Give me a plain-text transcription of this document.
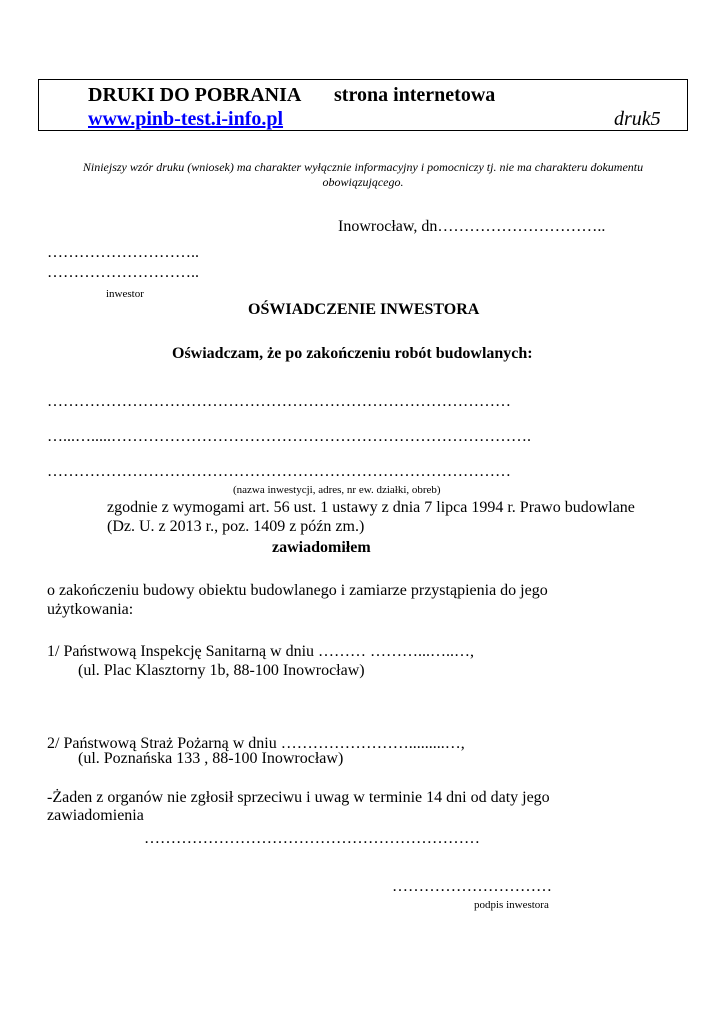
DRUKI DO POBRANIA strona internetowa
www.pinb-test.i-info.pl	druk5
Niniejszy wzór druku (wniosek) ma charakter wyłącznie informacyjny i pomocniczy tj. nie ma charakteru dokumentu obowiązującego.
Inowrocław, dn…………………………..
………………………..
………………………..
inwestor
OŚWIADCZENIE INWESTORA
Oświadczam, że po zakończeniu robót budowlanych:
……………………………………………………………………………
…...….....…………………………………………………………………….
……………………………………………………………………………
(nazwa inwestycji, adres, nr ew. działki, obreb)
zgodnie z wymogami art. 56 ust. 1 ustawy z dnia 7 lipca 1994 r. Prawo budowlane
(Dz. U. z 2013 r., poz. 1409 z późn zm.)
zawiadomiłem
o zakończeniu budowy obiektu budowlanego i zamiarze przystąpienia do jego
użytkowania:
1/ Państwową Inspekcję Sanitarną w dniu ……… ………...…..…,
(ul. Plac Klasztorny 1b, 88-100 Inowrocław)
2/ Państwową Straż Pożarną w dniu …………………….........…,
(ul. Poznańska 133 , 88-100 Inowrocław)
-Żaden z organów nie zgłosił sprzeciwu i uwag w terminie 14 dni od daty jego
zawiadomienia
………………………………………………………
…………………………
podpis inwestora
